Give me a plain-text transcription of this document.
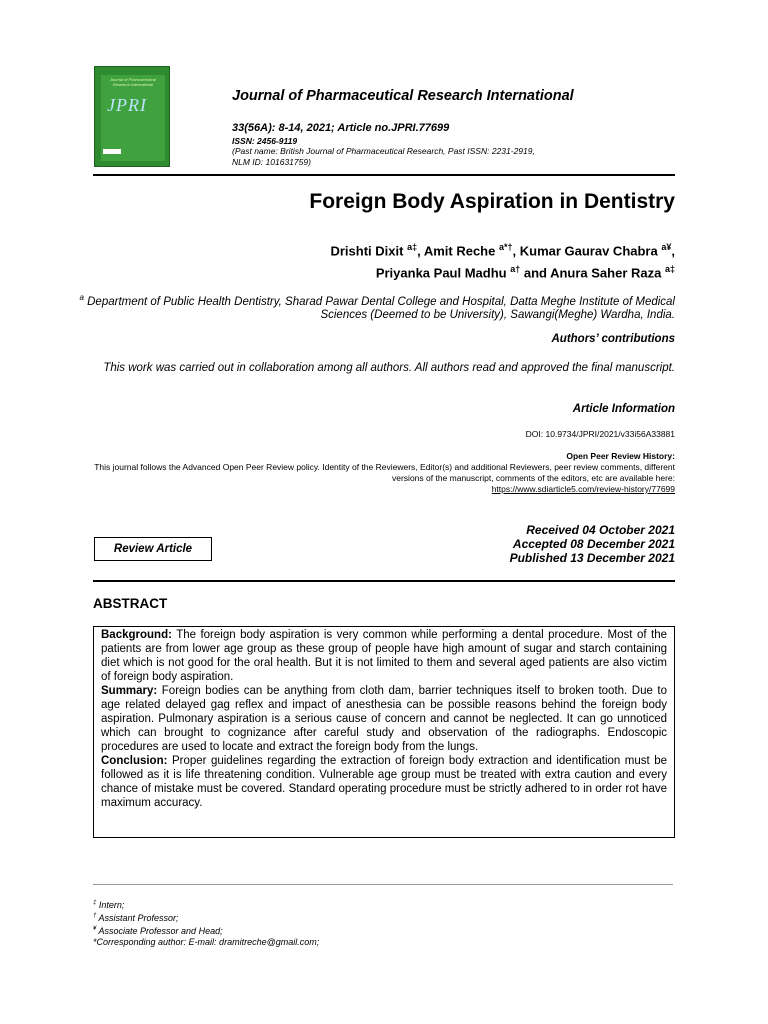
Journal of Pharmaceutical
Research International
JPRI	Journal of Pharmaceutical Research International
33(56A): 8-14, 2021; Article no.JPRI.77699
ISSN: 2456-9119
(Past name: British Journal of Pharmaceutical Research, Past ISSN: 2231-2919,
NLM ID: 101631759)
Foreign Body Aspiration in Dentistry
Drishti Dixit $^{a\ddagger}$, Amit Reche $^{a*\dagger}$, Kumar Gaurav Chabra $^{a¥}$,
Priyanka Paul Madhu $^{a\dagger}$ and Anura Saher Raza $^{a\ddagger}$
$^a$ Department of Public Health Dentistry, Sharad Pawar Dental College and Hospital, Datta Meghe Institute of Medical Sciences (Deemed to be University), Sawangi(Meghe) Wardha, India.
Authors’ contributions
This work was carried out in collaboration among all authors. All authors read and approved the final manuscript.
Article Information
DOI: 10.9734/JPRI/2021/v33i56A33881
Open Peer Review History:
This journal follows the Advanced Open Peer Review policy. Identity of the Reviewers, Editor(s) and additional Reviewers, peer review comments, different versions of the manuscript, comments of the editors, etc are available here:
https://www.sdiarticle5.com/review-history/77699
Review Article
Received 04 October 2021
Accepted 08 December 2021
Published 13 December 2021
ABSTRACT

Background: The foreign body aspiration is very common while performing a dental procedure. Most of the patients are from lower age group as these group of people have high amount of sugar and starch containing diet which is not good for the oral health. But it is not limited to them and several aged patients are also victim of foreign body aspiration.

Summary: Foreign bodies can be anything from cloth dam, barrier techniques itself to broken tooth. Due to age related delayed gag reflex and impact of anesthesia can be possible reasons behind the foreign body aspiration. Pulmonary aspiration is a serious cause of concern and cannot be neglected. It can go unnoticed which can brought to cognizance after careful study and observation of the radiographs. Endoscopic procedures are used to locate and extract the foreign body from the lungs.

Conclusion: Proper guidelines regarding the extraction of foreign body extraction and identification must be followed as it is life threatening condition. Vulnerable age group must be treated with extra caution and every chance of mistake must be covered. Standard operating procedure must be strictly adhered to in order rot have maximum accuracy.

‡ Intern;
† Assistant Professor;
¥ Associate Professor and Head;
*Corresponding author: E-mail: dramitreche@gmail.com;
